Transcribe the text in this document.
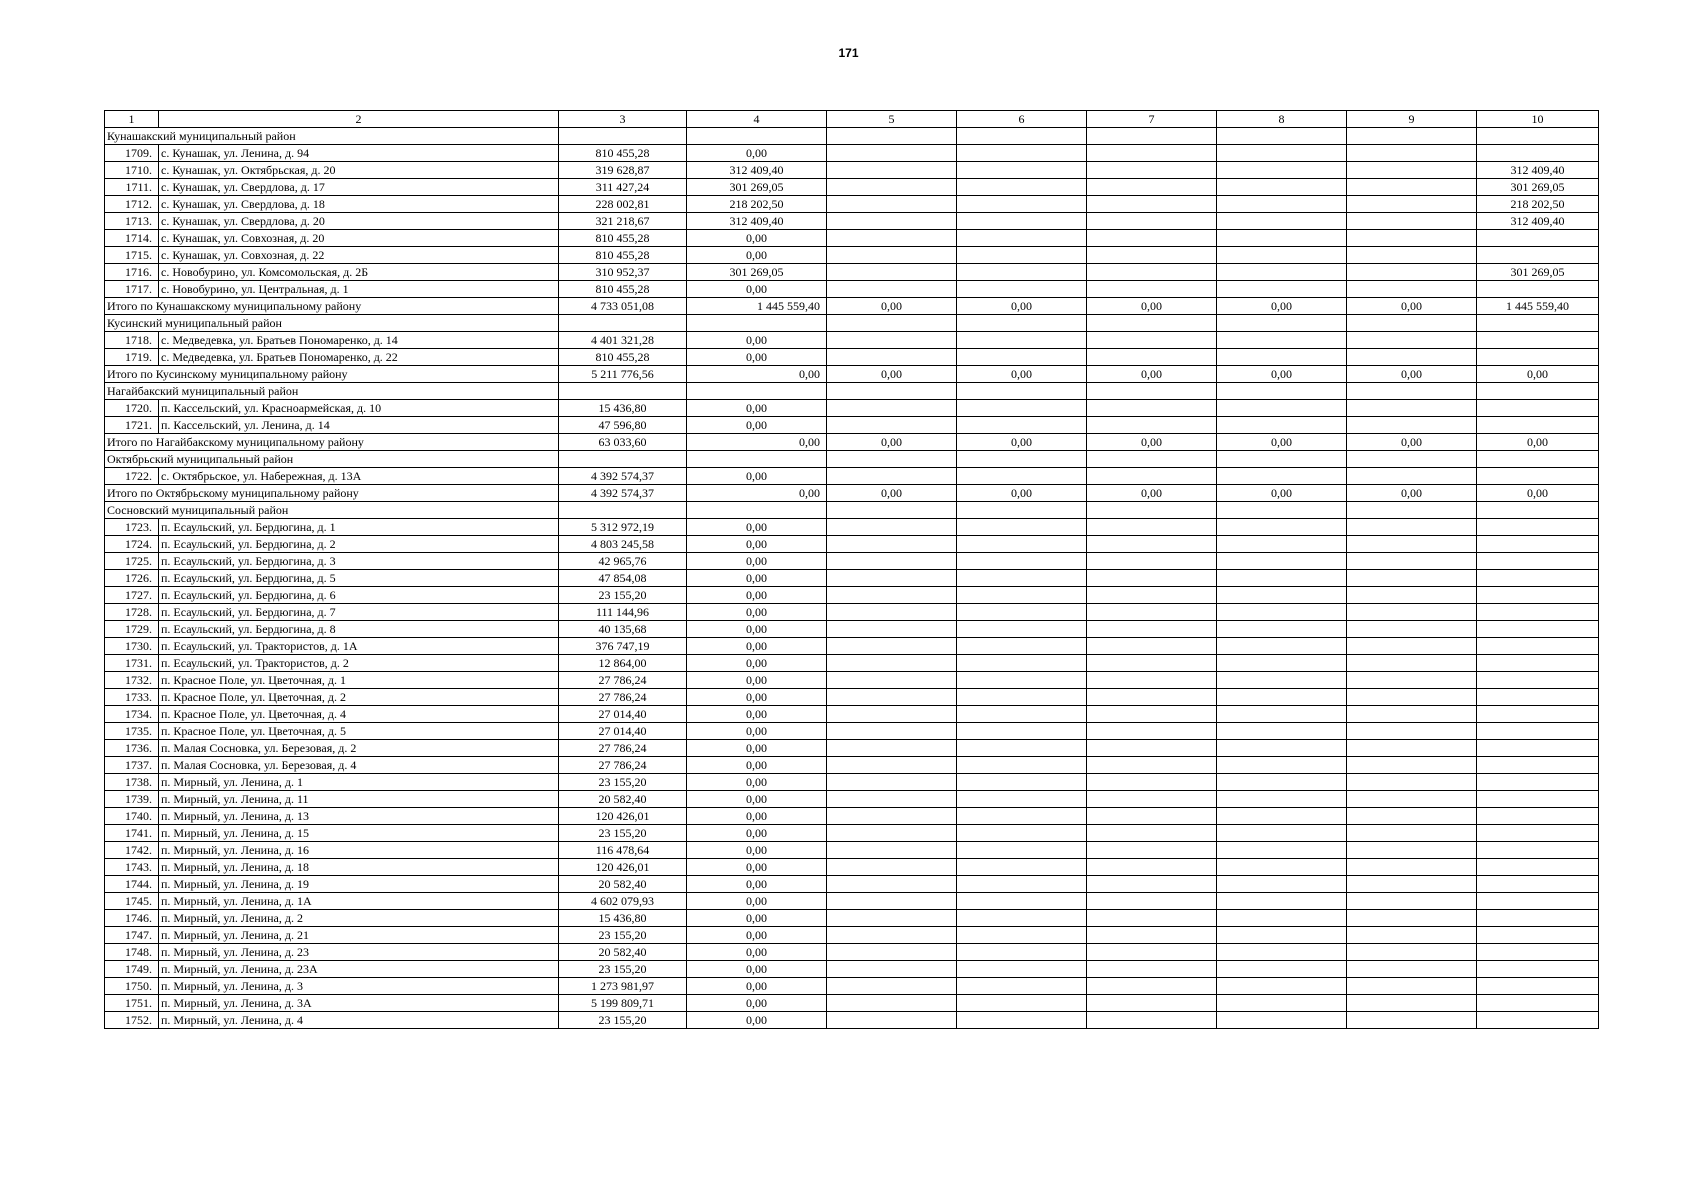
171
1	2	3	4	5	6	7	8	9	10
Кунашакский муниципальный район									
1709.	с. Кунашак, ул. Ленина, д. 94	810 455,28	0,00						
1710.	с. Кунашак, ул. Октябрьская, д. 20	319 628,87	312 409,40						312 409,40
1711.	с. Кунашак, ул. Свердлова, д. 17	311 427,24	301 269,05						301 269,05
1712.	с. Кунашак, ул. Свердлова, д. 18	228 002,81	218 202,50						218 202,50
1713.	с. Кунашак, ул. Свердлова, д. 20	321 218,67	312 409,40						312 409,40
1714.	с. Кунашак, ул. Совхозная, д. 20	810 455,28	0,00						
1715.	с. Кунашак, ул. Совхозная, д. 22	810 455,28	0,00						
1716.	с. Новобурино, ул. Комсомольская, д. 2Б	310 952,37	301 269,05						301 269,05
1717.	с. Новобурино, ул. Центральная, д. 1	810 455,28	0,00						
Итого по Кунашакскому муниципальному району		4 733 051,08	1 445 559,40	0,00	0,00	0,00	0,00	0,00	1 445 559,40
Кусинский муниципальный район									
1718.	с. Медведевка, ул. Братьев Пономаренко, д. 14	4 401 321,28	0,00						
1719.	с. Медведевка, ул. Братьев Пономаренко, д. 22	810 455,28	0,00						
Итого по Кусинскому муниципальному району		5 211 776,56	0,00	0,00	0,00	0,00	0,00	0,00	0,00
Нагайбакский муниципальный район									
1720.	п. Кассельский, ул. Красноармейская, д. 10	15 436,80	0,00						
1721.	п. Кассельский, ул. Ленина, д. 14	47 596,80	0,00						
Итого по Нагайбакскому муниципальному району		63 033,60	0,00	0,00	0,00	0,00	0,00	0,00	0,00
Октябрьский муниципальный район									
1722.	с. Октябрьское, ул. Набережная, д. 13А	4 392 574,37	0,00						
Итого по Октябрьскому муниципальному району		4 392 574,37	0,00	0,00	0,00	0,00	0,00	0,00	0,00
Сосновский муниципальный район									
1723.	п. Есаульский, ул. Бердюгина, д. 1	5 312 972,19	0,00						
1724.	п. Есаульский, ул. Бердюгина, д. 2	4 803 245,58	0,00						
1725.	п. Есаульский, ул. Бердюгина, д. 3	42 965,76	0,00						
1726.	п. Есаульский, ул. Бердюгина, д. 5	47 854,08	0,00						
1727.	п. Есаульский, ул. Бердюгина, д. 6	23 155,20	0,00						
1728.	п. Есаульский, ул. Бердюгина, д. 7	111 144,96	0,00						
1729.	п. Есаульский, ул. Бердюгина, д. 8	40 135,68	0,00						
1730.	п. Есаульский, ул. Трактористов, д. 1А	376 747,19	0,00						
1731.	п. Есаульский, ул. Трактористов, д. 2	12 864,00	0,00						
1732.	п. Красное Поле, ул. Цветочная, д. 1	27 786,24	0,00						
1733.	п. Красное Поле, ул. Цветочная, д. 2	27 786,24	0,00						
1734.	п. Красное Поле, ул. Цветочная, д. 4	27 014,40	0,00						
1735.	п. Красное Поле, ул. Цветочная, д. 5	27 014,40	0,00						
1736.	п. Малая Сосновка, ул. Березовая, д. 2	27 786,24	0,00						
1737.	п. Малая Сосновка, ул. Березовая, д. 4	27 786,24	0,00						
1738.	п. Мирный, ул. Ленина, д. 1	23 155,20	0,00						
1739.	п. Мирный, ул. Ленина, д. 11	20 582,40	0,00						
1740.	п. Мирный, ул. Ленина, д. 13	120 426,01	0,00						
1741.	п. Мирный, ул. Ленина, д. 15	23 155,20	0,00						
1742.	п. Мирный, ул. Ленина, д. 16	116 478,64	0,00						
1743.	п. Мирный, ул. Ленина, д. 18	120 426,01	0,00						
1744.	п. Мирный, ул. Ленина, д. 19	20 582,40	0,00						
1745.	п. Мирный, ул. Ленина, д. 1А	4 602 079,93	0,00						
1746.	п. Мирный, ул. Ленина, д. 2	15 436,80	0,00						
1747.	п. Мирный, ул. Ленина, д. 21	23 155,20	0,00						
1748.	п. Мирный, ул. Ленина, д. 23	20 582,40	0,00						
1749.	п. Мирный, ул. Ленина, д. 23А	23 155,20	0,00						
1750.	п. Мирный, ул. Ленина, д. 3	1 273 981,97	0,00						
1751.	п. Мирный, ул. Ленина, д. 3А	5 199 809,71	0,00						
1752.	п. Мирный, ул. Ленина, д. 4	23 155,20	0,00						
